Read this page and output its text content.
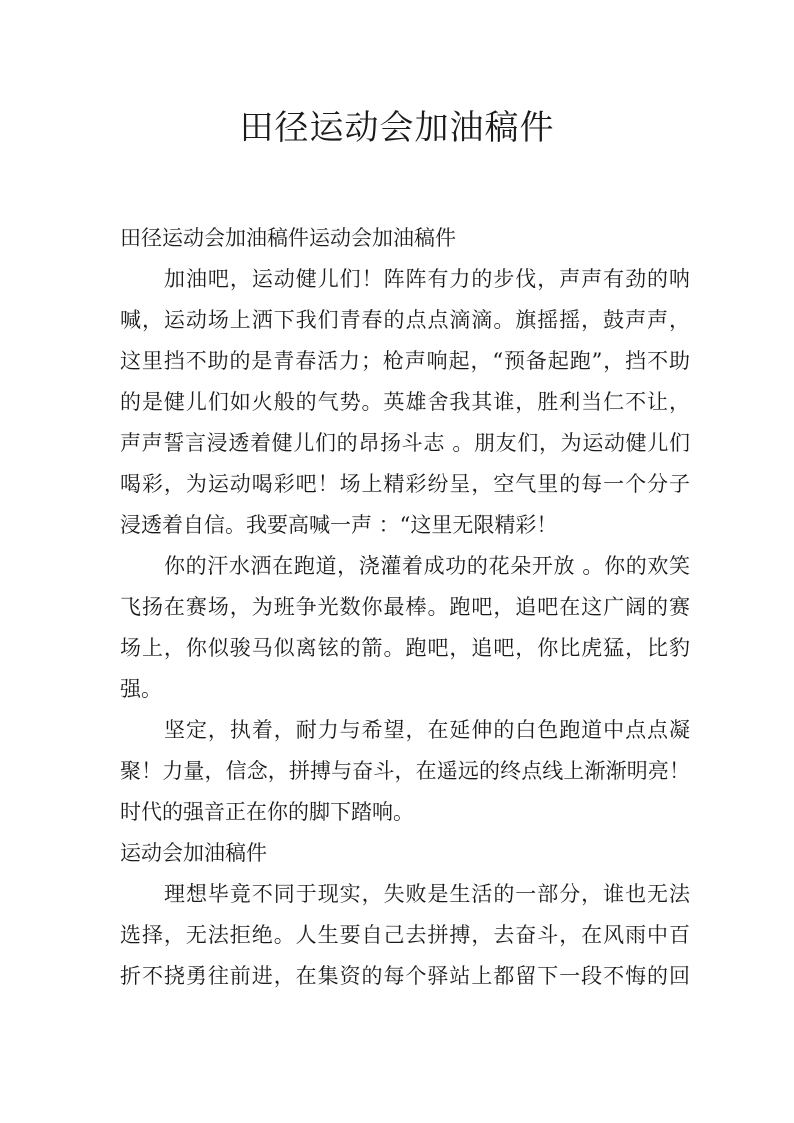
田径运动会加油稿件

田径运动会加油稿件运动会加油稿件

加油吧，运动健儿们！阵阵有力的步伐，声声有劲的呐

喊，运动场上洒下我们青春的点点滴滴。旗摇摇，鼓声声，

这里挡不助的是青春活力；枪声响起，“预备起跑”，挡不助

的是健儿们如火般的气势。英雄舍我其谁，胜利当仁不让，

声声誓言浸透着健儿们的昂扬斗志 。朋友们，为运动健儿们

喝彩，为运动喝彩吧！场上精彩纷呈，空气里的每一个分子

浸透着自信。我要高喊一声 ：“这里无限精彩！

你的汗水洒在跑道，浇灌着成功的花朵开放 。你的欢笑

飞扬在赛场，为班争光数你最棒。跑吧，追吧在这广阔的赛

场上，你似骏马似离铉的箭。跑吧，追吧，你比虎猛，比豹

强。

坚定，执着，耐力与希望，在延伸的白色跑道中点点凝

聚！力量，信念，拼搏与奋斗，在遥远的终点线上渐渐明亮！

时代的强音正在你的脚下踏响。

运动会加油稿件

理想毕竟不同于现实，失败是生活的一部分，谁也无法

选择，无法拒绝。人生要自己去拼搏，去奋斗，在风雨中百

折不挠勇往前进，在集资的每个驿站上都留下一段不悔的回
